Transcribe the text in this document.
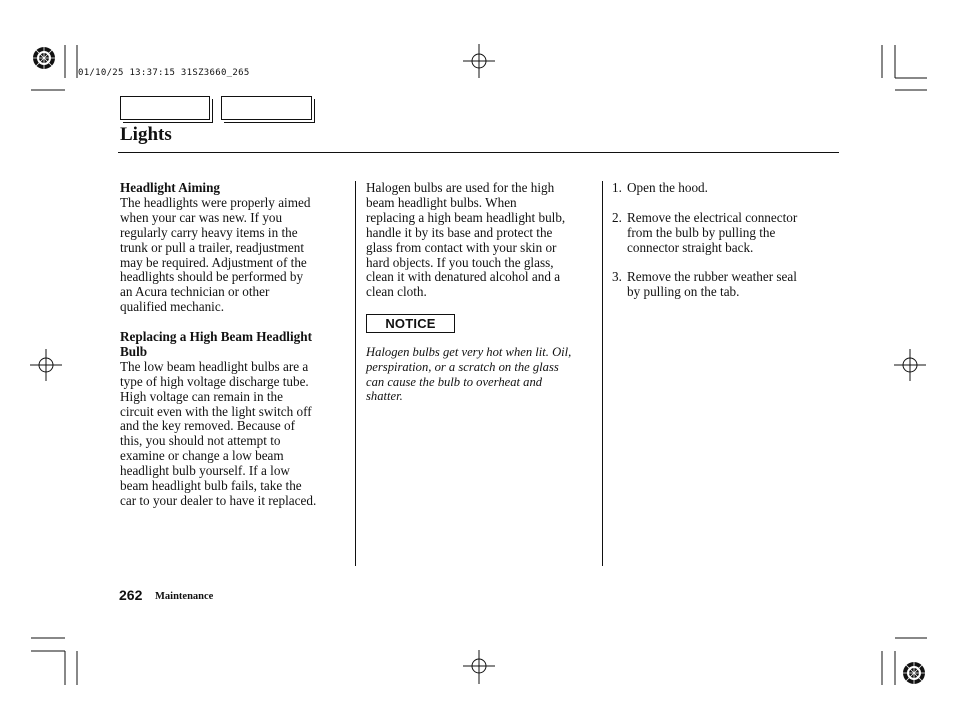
01/10/25 13:37:15 31SZ3660_265
Lights

Headlight Aiming

The headlights were properly aimed

when your car was new. If you

regularly carry heavy items in the

trunk or pull a trailer, readjustment

may be required. Adjustment of the

headlights should be performed by

an Acura technician or other

qualified mechanic.

Replacing a High Beam Headlight

Bulb

The low beam headlight bulbs are a

type of high voltage discharge tube.

High voltage can remain in the

circuit even with the light switch off

and the key removed. Because of

this, you should not attempt to

examine or change a low beam

headlight bulb yourself. If a low

beam headlight bulb fails, take the

car to your dealer to have it replaced.

Halogen bulbs are used for the high

beam headlight bulbs. When

replacing a high beam headlight bulb,

handle it by its base and protect the

glass from contact with your skin or

hard objects. If you touch the glass,

clean it with denatured alcohol and a

clean cloth.

NOTICE
Halogen bulbs get very hot when lit. Oil,
perspiration, or a scratch on the glass
can cause the bulb to overheat and
shatter.
1. Open the hood.

2. Remove the electrical connector

from the bulb by pulling the

connector straight back.

3. Remove the rubber weather seal

by pulling on the tab.

262 Maintenance
